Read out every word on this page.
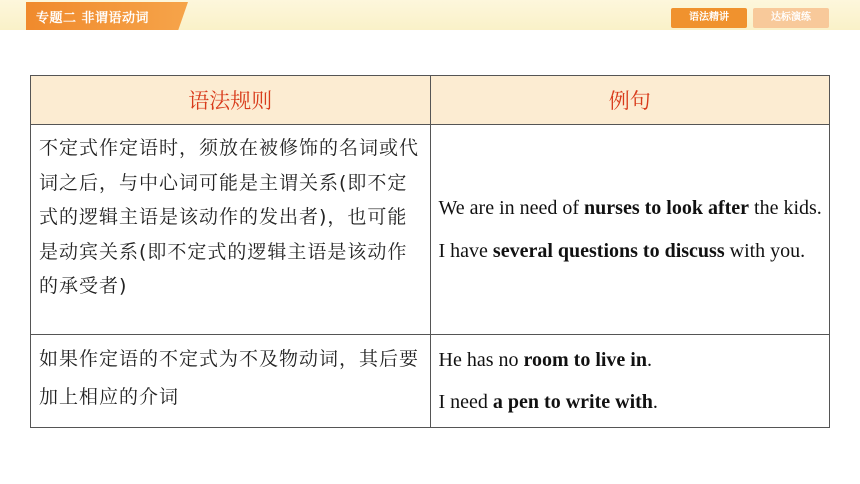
专题二 非谓语动词	语法精讲	达标演练
语法规则	例句
不定式作定语时，须放在被修饰的名词或代词之后，与中心词可能是主谓关系(即不定式的逻辑主语是该动作的发出者)，也可能是动宾关系(即不定式的逻辑主语是该动作的承受者)	We are in need of nurses to look after the kids.
I have several questions to discuss with you.

如果作定语的不定式为不及物动词，其后要加上相应的介词	He has no room to live in.
I need a pen to write with.
